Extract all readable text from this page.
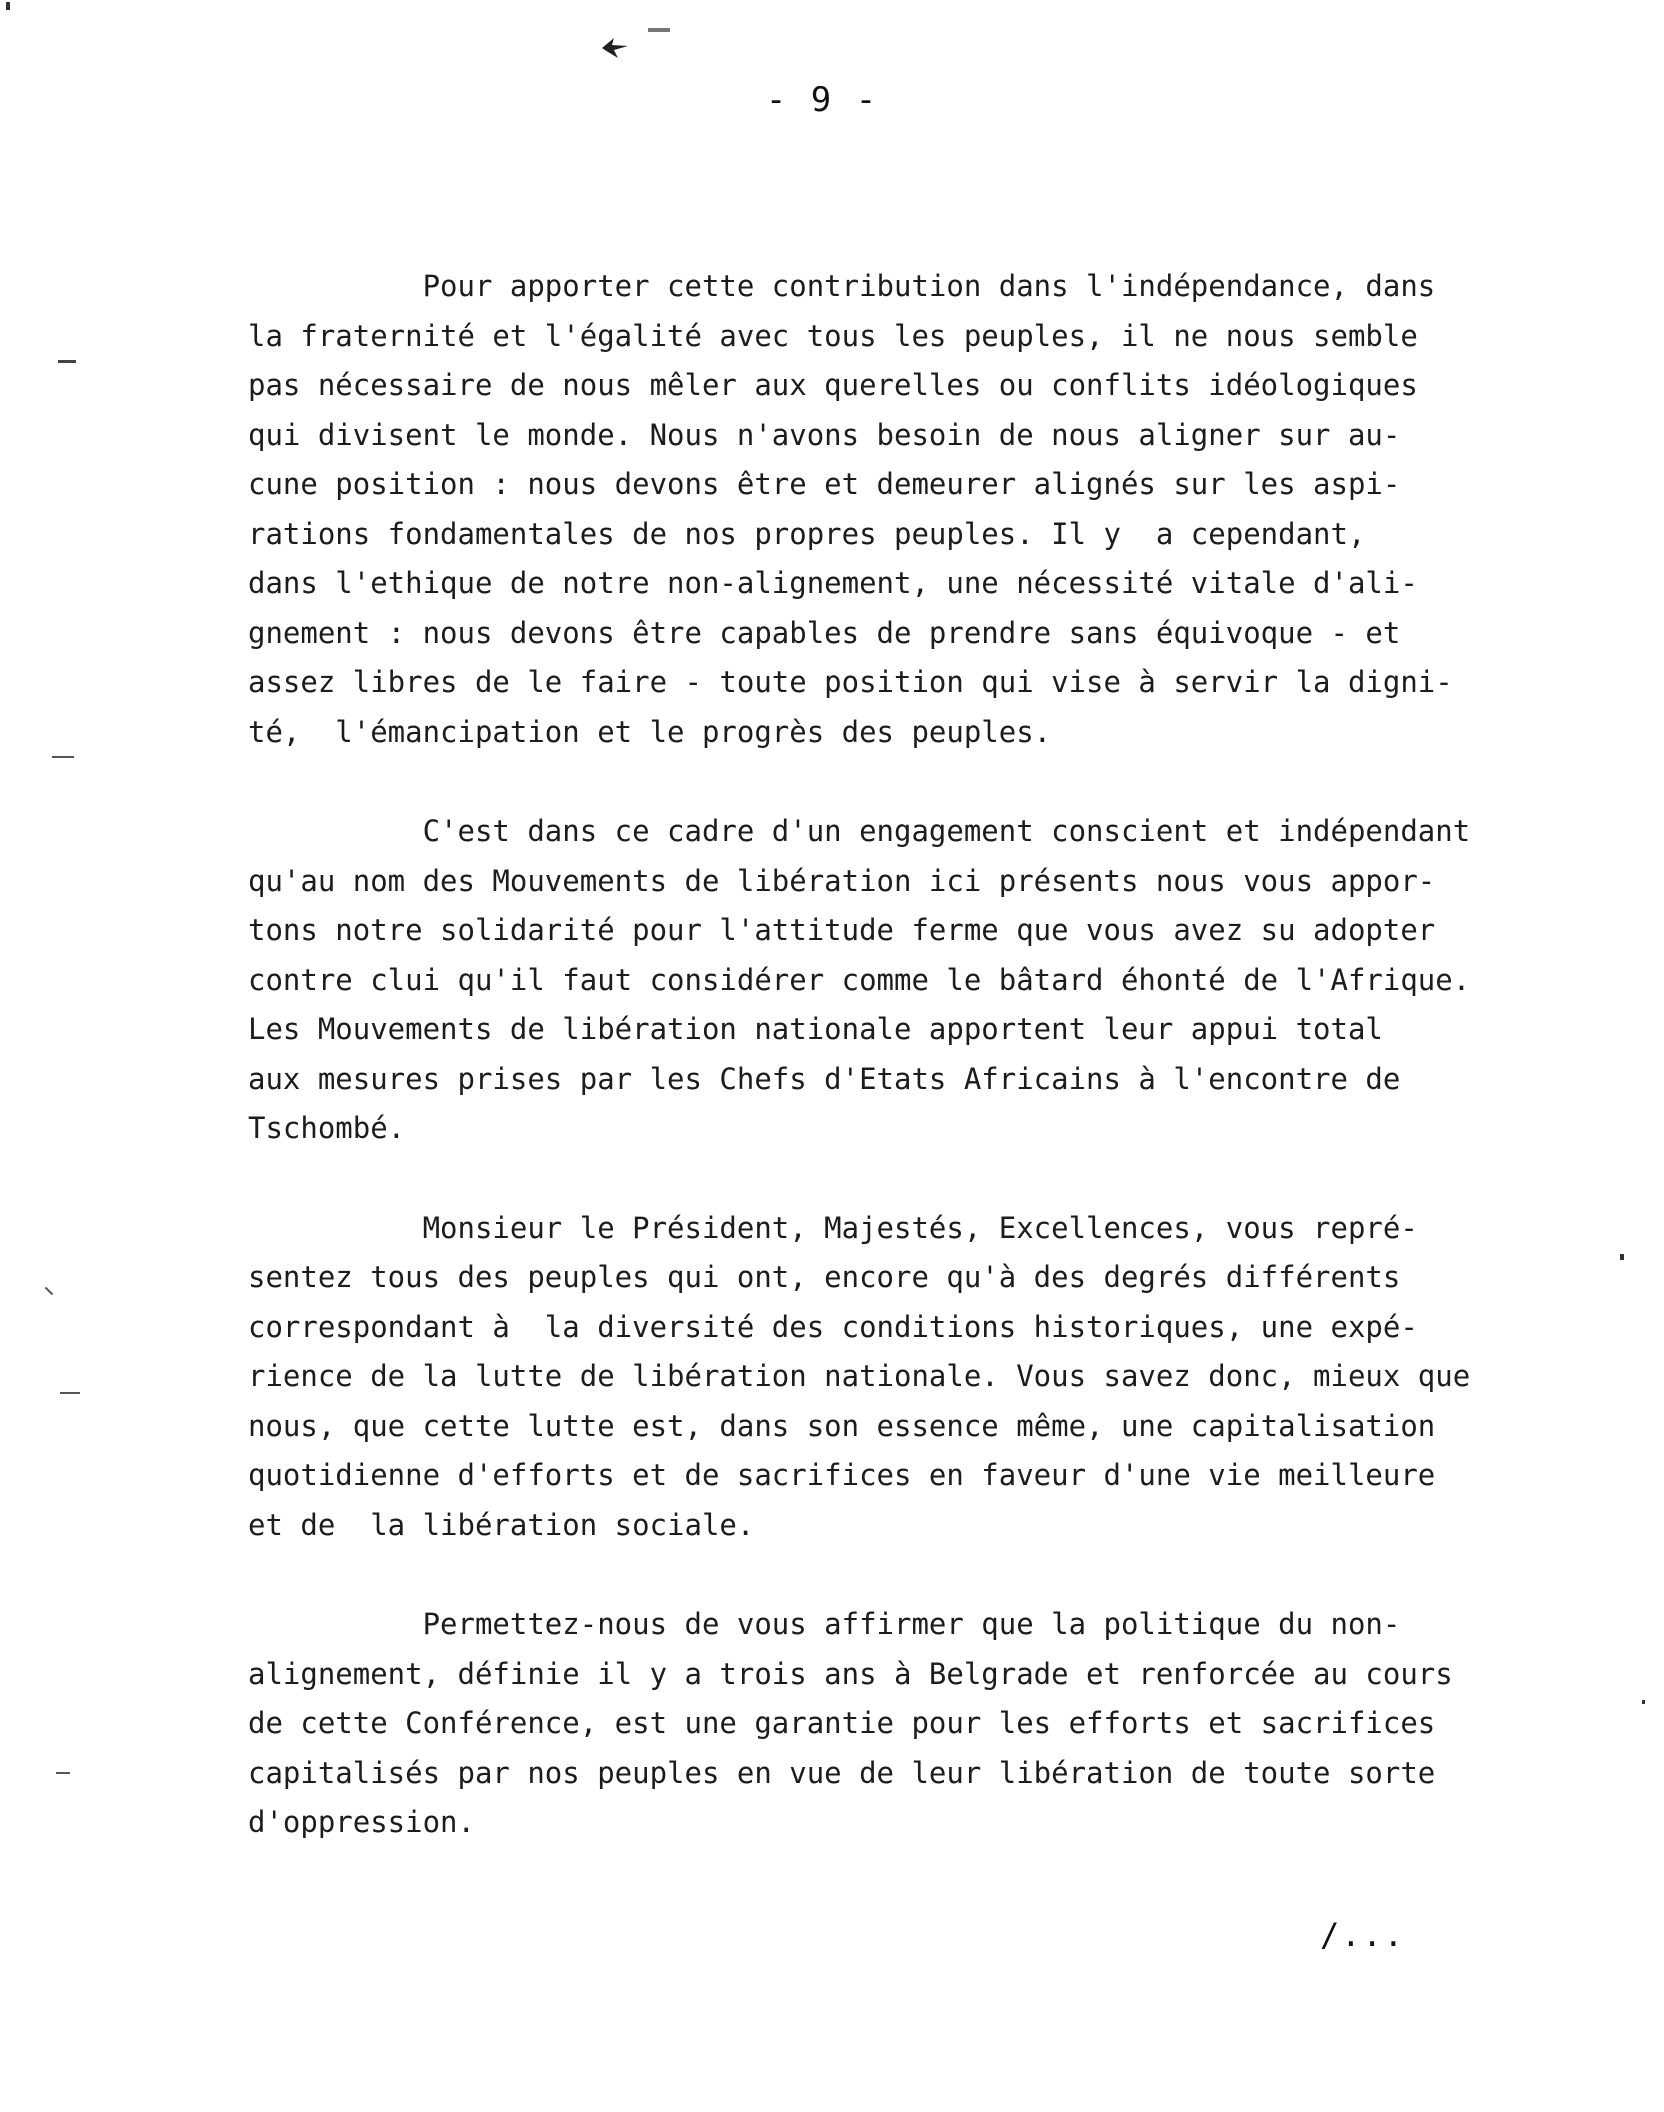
- 9 -
Pour apporter cette contribution dans l'indépendance, dans
la fraternité et l'égalité avec tous les peuples, il ne nous semble
pas nécessaire de nous mêler aux querelles ou conflits idéologiques
qui divisent le monde. Nous n'avons besoin de nous aligner sur au-
cune position : nous devons être et demeurer alignés sur les aspi-
rations fondamentales de nos propres peuples. Il y  a cependant,
dans l'ethique de notre non-alignement, une nécessité vitale d'ali-
gnement : nous devons être capables de prendre sans équivoque - et
assez libres de le faire - toute position qui vise à servir la digni-
té,  l'émancipation et le progrès des peuples.
C'est dans ce cadre d'un engagement conscient et indépendant
qu'au nom des Mouvements de libération ici présents nous vous appor-
tons notre solidarité pour l'attitude ferme que vous avez su adopter
contre clui qu'il faut considérer comme le bâtard éhonté de l'Afrique.
Les Mouvements de libération nationale apportent leur appui total
aux mesures prises par les Chefs d'Etats Africains à l'encontre de
Tschombé.
Monsieur le Président, Majestés, Excellences, vous repré-
sentez tous des peuples qui ont, encore qu'à des degrés différents
correspondant à  la diversité des conditions historiques, une expé-
rience de la lutte de libération nationale. Vous savez donc, mieux que
nous, que cette lutte est, dans son essence même, une capitalisation
quotidienne d'efforts et de sacrifices en faveur d'une vie meilleure
et de  la libération sociale.
Permettez-nous de vous affirmer que la politique du non-
alignement, définie il y a trois ans à Belgrade et renforcée au cours
de cette Conférence, est une garantie pour les efforts et sacrifices
capitalisés par nos peuples en vue de leur libération de toute sorte
d'oppression.
/...
